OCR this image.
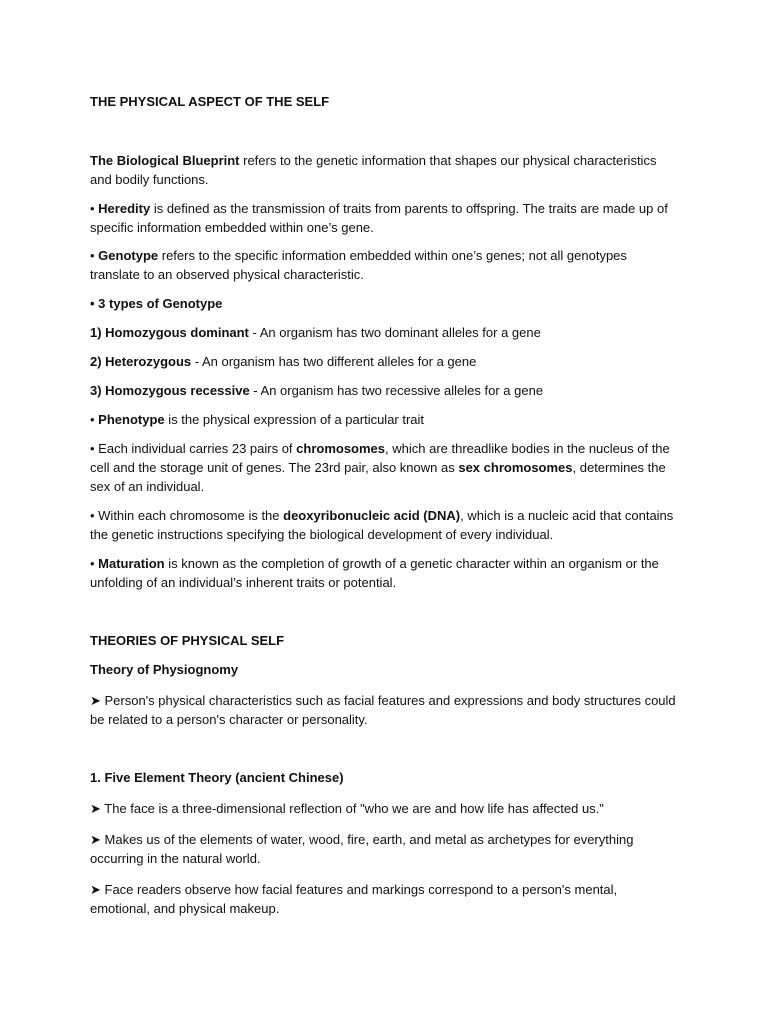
THE PHYSICAL ASPECT OF THE SELF

The Biological Blueprint refers to the genetic information that shapes our physical characteristics and bodily functions.

• Heredity is defined as the transmission of traits from parents to offspring. The traits are made up of specific information embedded within one’s gene.

• Genotype refers to the specific information embedded within one’s genes; not all genotypes translate to an observed physical characteristic.

• 3 types of Genotype

1) Homozygous dominant - An organism has two dominant alleles for a gene

2) Heterozygous - An organism has two different alleles for a gene

3) Homozygous recessive - An organism has two recessive alleles for a gene

• Phenotype is the physical expression of a particular trait

• Each individual carries 23 pairs of chromosomes, which are threadlike bodies in the nucleus of the cell and the storage unit of genes. The 23rd pair, also known as sex chromosomes, determines the sex of an individual.

• Within each chromosome is the deoxyribonucleic acid (DNA), which is a nucleic acid that contains the genetic instructions specifying the biological development of every individual.

• Maturation is known as the completion of growth of a genetic character within an organism or the unfolding of an individual’s inherent traits or potential.

THEORIES OF PHYSICAL SELF
Theory of Physiognomy

➤ Person's physical characteristics such as facial features and expressions and body structures could be related to a person's character or personality.

1. Five Element Theory (ancient Chinese)

➤ The face is a three-dimensional reflection of "who we are and how life has affected us."

➤ Makes us of the elements of water, wood, fire, earth, and metal as archetypes for everything occurring in the natural world.

➤ Face readers observe how facial features and markings correspond to a person's mental, emotional, and physical makeup.
